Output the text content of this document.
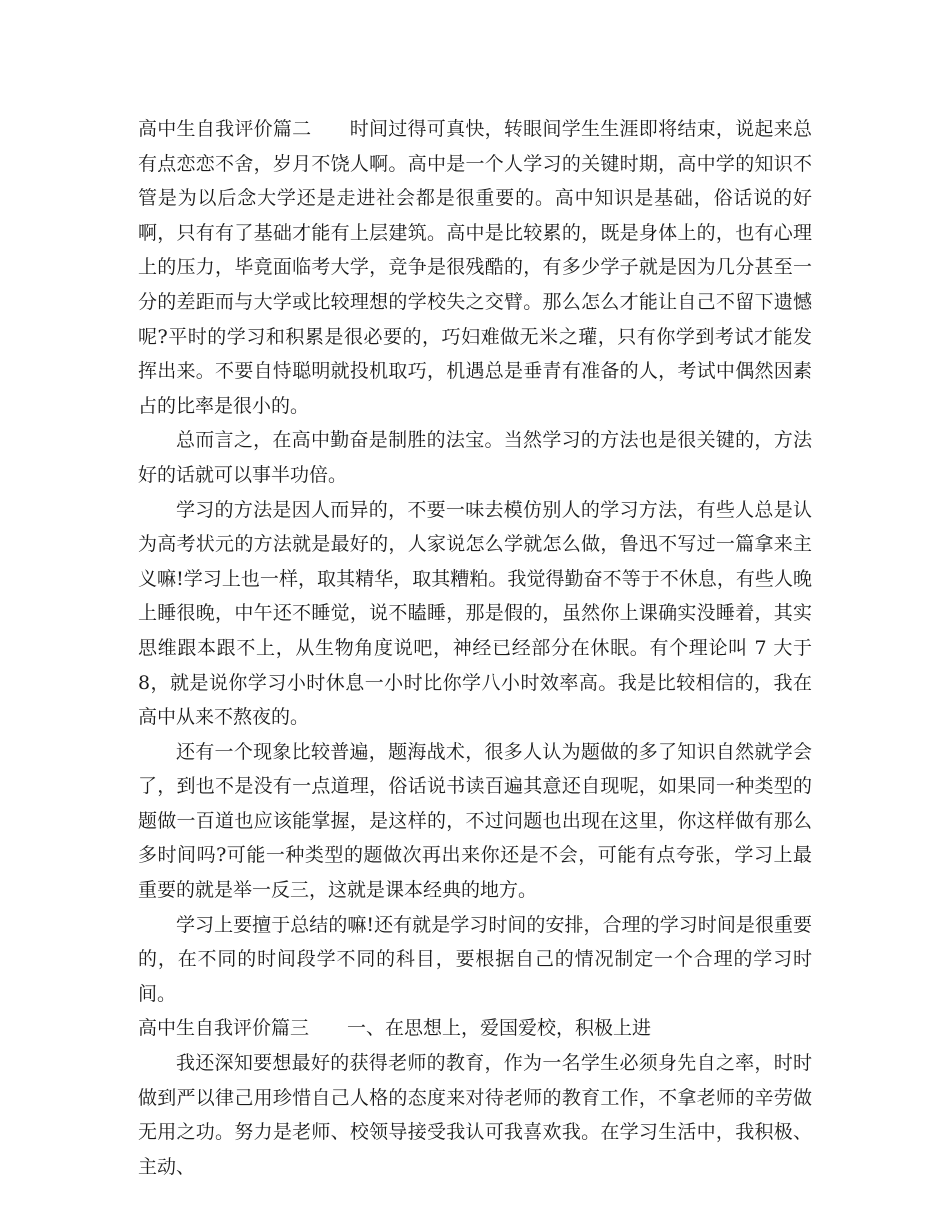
高中生自我评价篇二 时间过得可真快，转眼间学生生涯即将结束，说起来总有点恋恋不舍，岁月不饶人啊。高中是一个人学习的关键时期，高中学的知识不管是为以后念大学还是走进社会都是很重要的。高中知识是基础，俗话说的好啊，只有有了基础才能有上层建筑。高中是比较累的，既是身体上的，也有心理上的压力，毕竟面临考大学，竞争是很残酷的，有多少学子就是因为几分甚至一分的差距而与大学或比较理想的学校失之交臂。那么怎么才能让自己不留下遗憾呢?平时的学习和积累是很必要的，巧妇难做无米之瓘，只有你学到考试才能发挥出来。不要自恃聪明就投机取巧，机遇总是垂青有准备的人，考试中偶然因素占的比率是很小的。

总而言之，在高中勤奋是制胜的法宝。当然学习的方法也是很关键的，方法好的话就可以事半功倍。

学习的方法是因人而异的，不要一味去模仿别人的学习方法，有些人总是认为高考状元的方法就是最好的，人家说怎么学就怎么做，鲁迅不写过一篇拿来主义嘛!学习上也一样，取其精华，取其糟粕。我觉得勤奋不等于不休息，有些人晚上睡很晚，中午还不睡觉，说不瞌睡，那是假的，虽然你上课确实没睡着，其实思维跟本跟不上，从生物角度说吧，神经已经部分在休眠。有个理论叫 7 大于 8，就是说你学习小时休息一小时比你学八小时效率高。我是比较相信的，我在高中从来不熬夜的。

还有一个现象比较普遍，题海战术，很多人认为题做的多了知识自然就学会了，到也不是没有一点道理，俗话说书读百遍其意还自现呢，如果同一种类型的题做一百道也应该能掌握，是这样的，不过问题也出现在这里，你这样做有那么多时间吗?可能一种类型的题做次再出来你还是不会，可能有点夸张，学习上最重要的就是举一反三，这就是课本经典的地方。

学习上要擅于总结的嘛!还有就是学习时间的安排，合理的学习时间是很重要的，在不同的时间段学不同的科目，要根据自己的情况制定一个合理的学习时间。

高中生自我评价篇三 一、在思想上，爱国爱校，积极上进

我还深知要想最好的获得老师的教育，作为一名学生必须身先自之率，时时做到严以律己用珍惜自己人格的态度来对待老师的教育工作，不拿老师的辛劳做无用之功。努力是老师、校领导接受我认可我喜欢我。在学习生活中，我积极、主动、
